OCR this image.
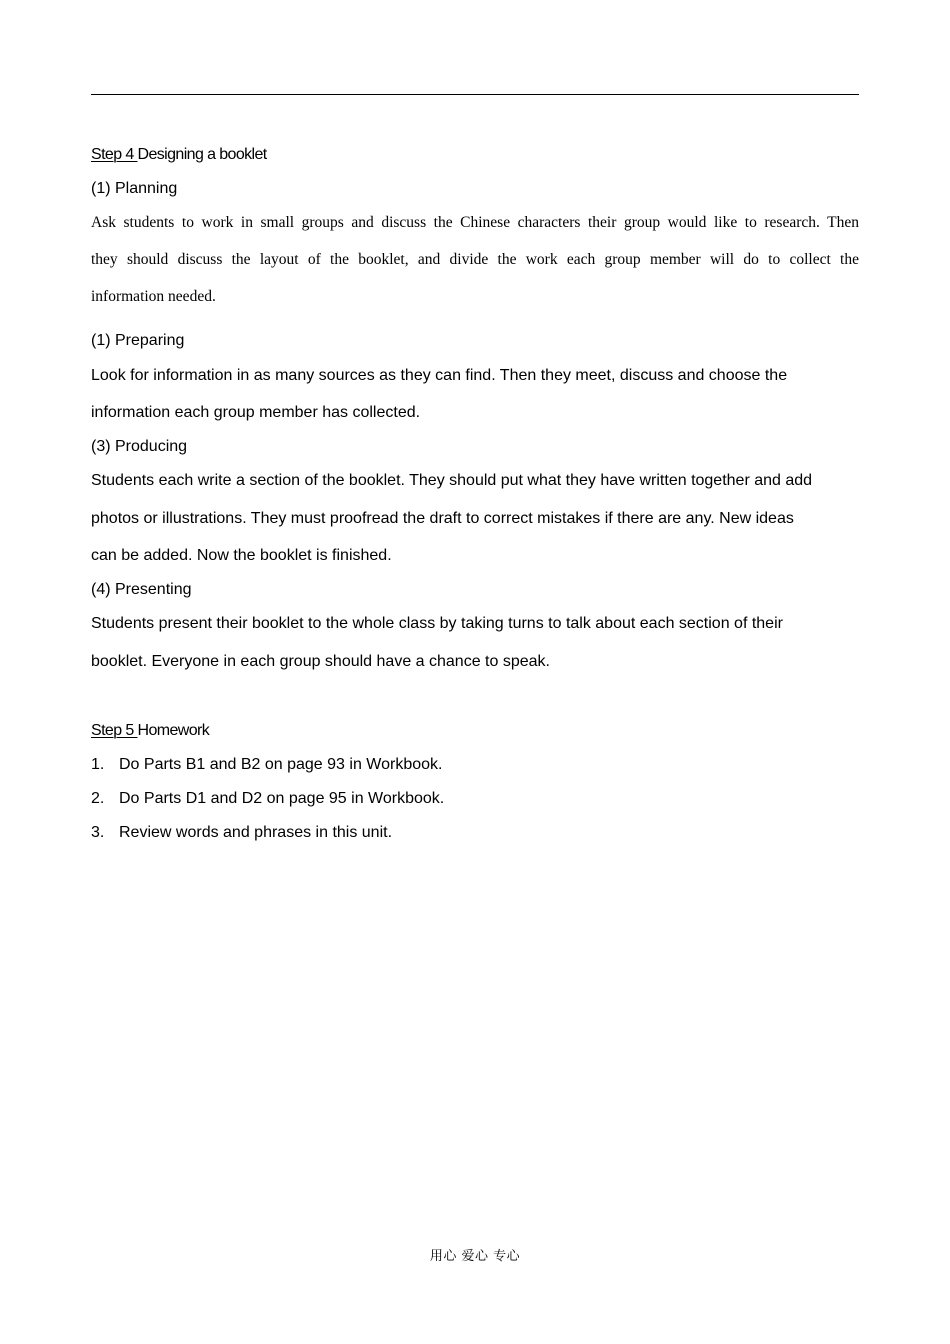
Step 4 Designing a booklet
(1) Planning
Ask students to work in small groups and discuss the Chinese characters their group would like to research. Then
they should discuss the layout of the booklet, and divide the work each group member will do to collect the
information needed.
(1) Preparing
Look for information in as many sources as they can find. Then they meet, discuss and choose the
information each group member has collected.
(3) Producing
Students each write a section of the booklet. They should put what they have written together and add
photos or illustrations. They must proofread the draft to correct mistakes if there are any. New ideas
can be added. Now the booklet is finished.
(4) Presenting
Students present their booklet to the whole class by taking turns to talk about each section of their
booklet. Everyone in each group should have a chance to speak.
Step 5 Homework
1. Do Parts B1 and B2 on page 93 in Workbook.
2. Do Parts D1 and D2 on page 95 in Workbook.
3. Review words and phrases in this unit.
用心 爱心 专心
